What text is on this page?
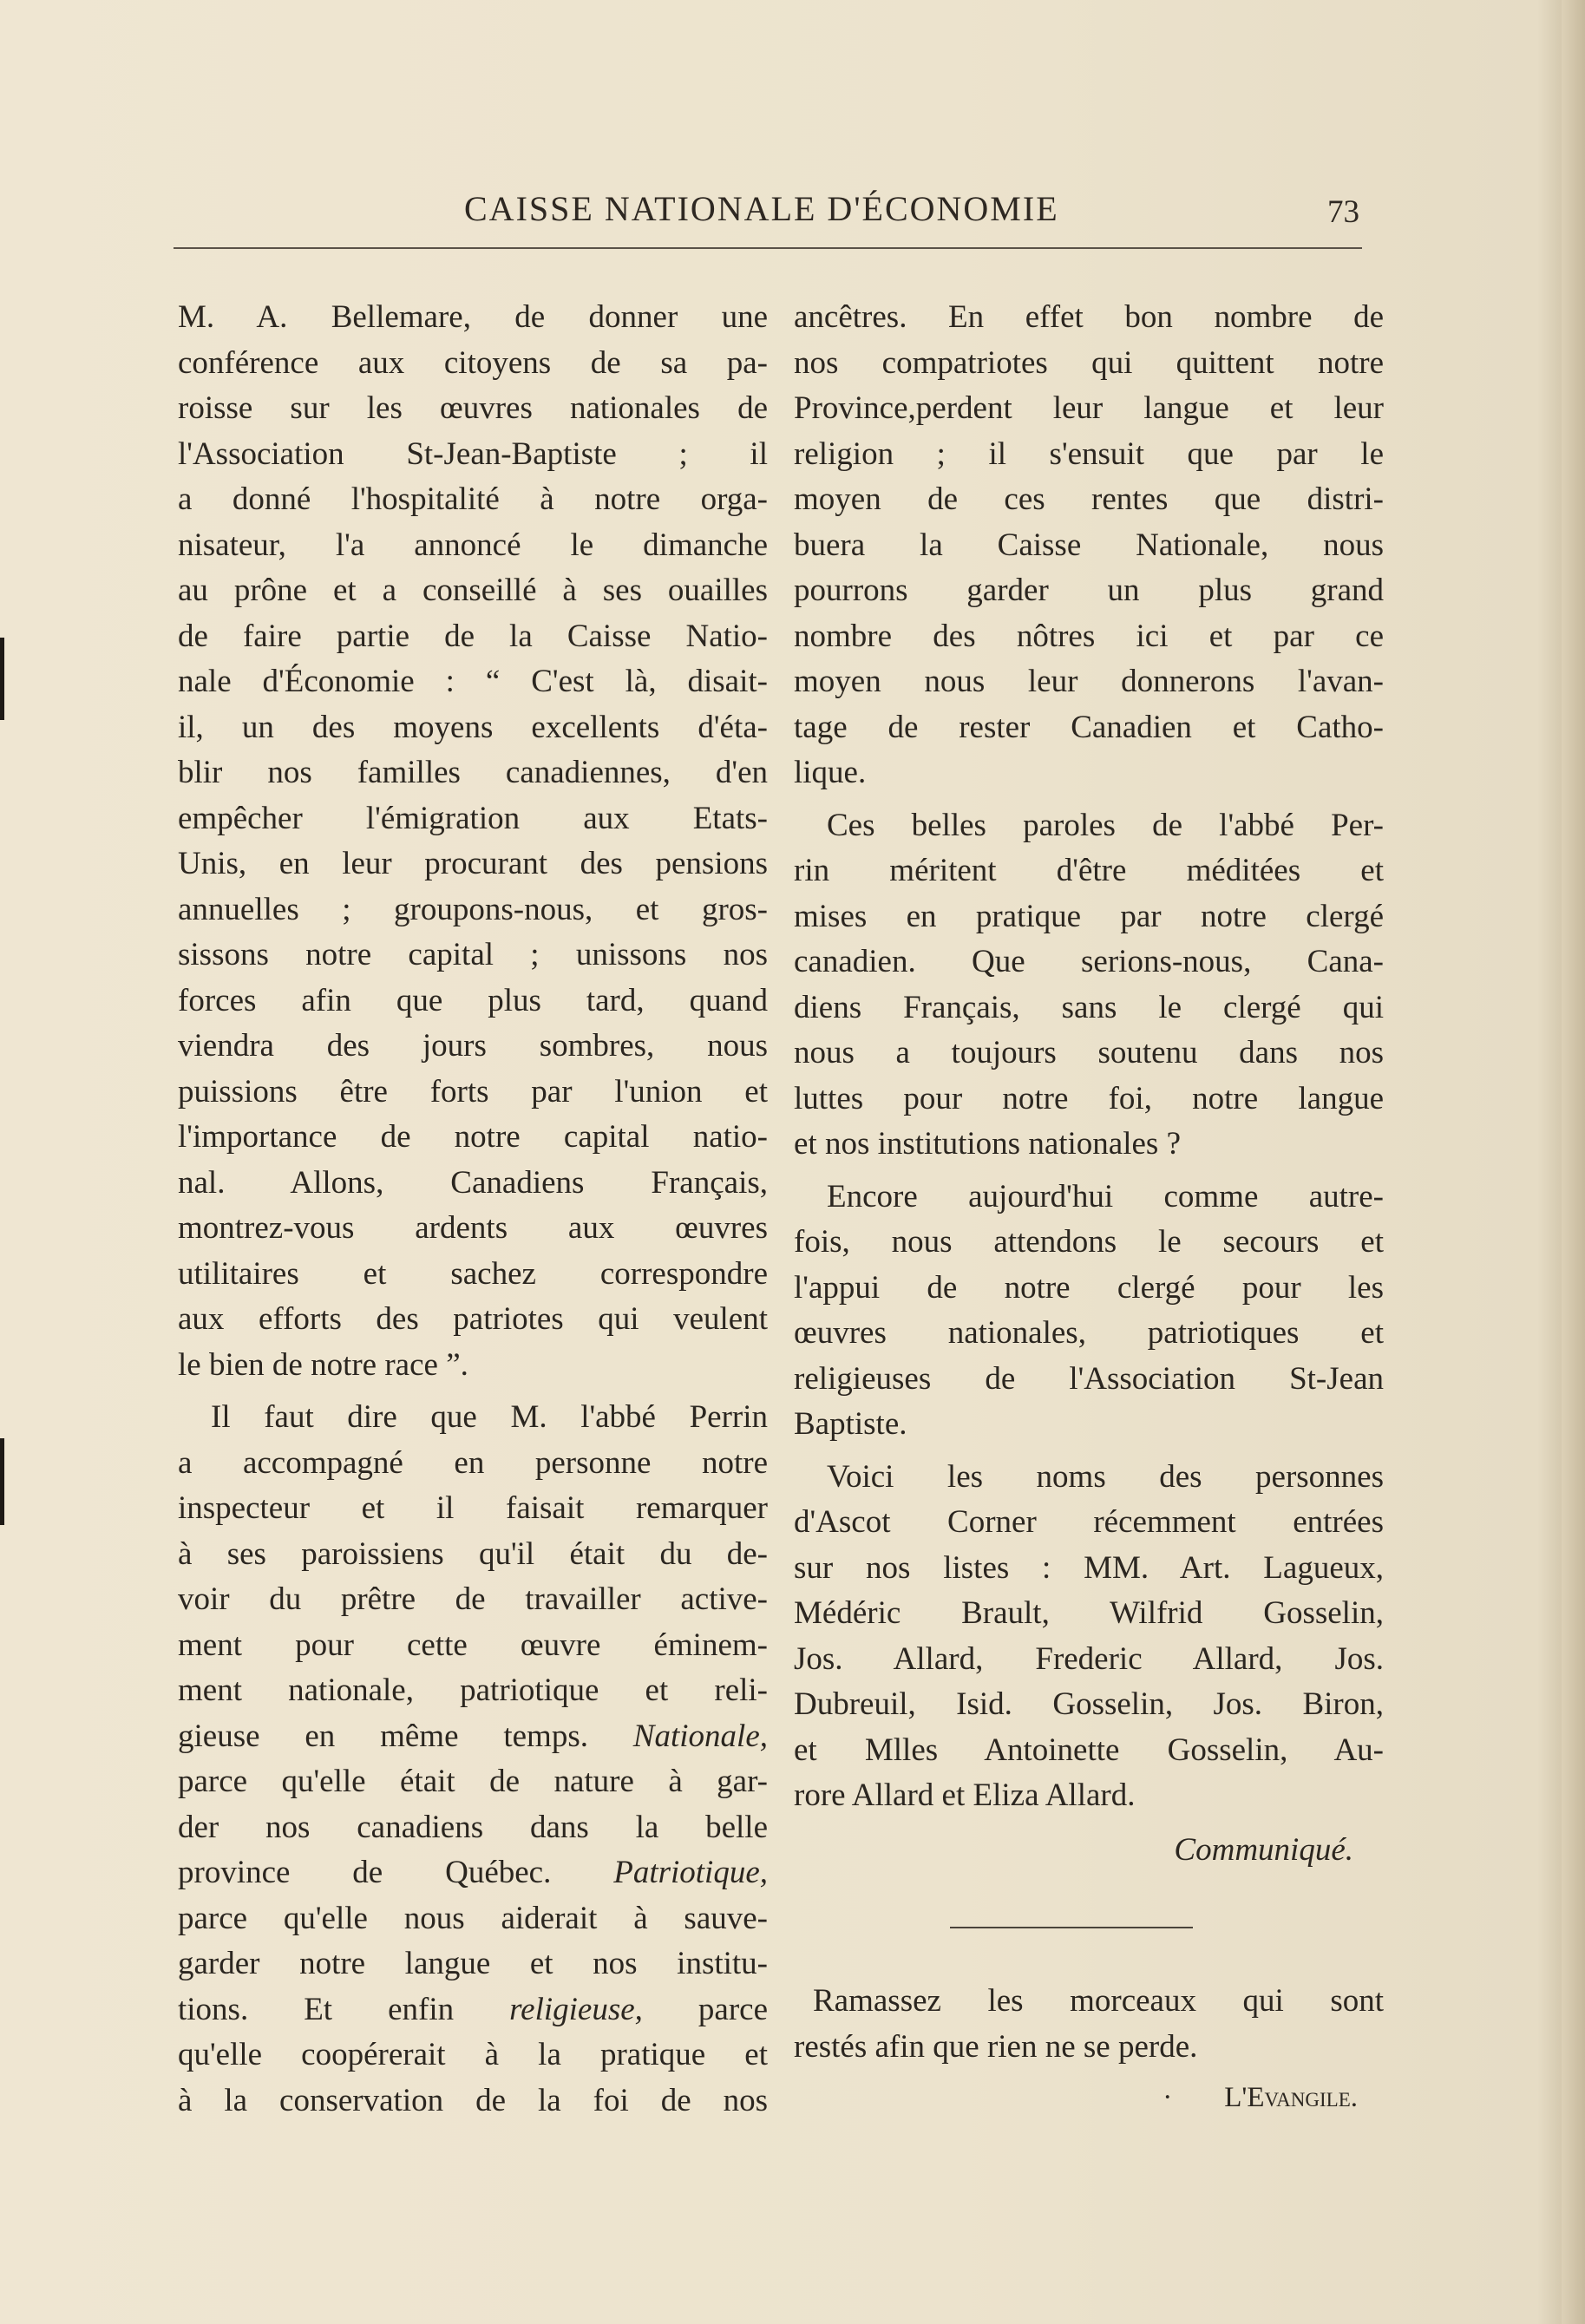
CAISSE NATIONALE D'ÉCONOMIE	73

M. A. Bellemare, de donner une
conférence aux citoyens de sa pa-
roisse sur les œuvres nationales de
l'Association St-Jean-Baptiste ; il
a donné l'hospitalité à notre orga-
nisateur, l'a annoncé le dimanche
au prône et a conseillé à ses ouailles
de faire partie de la Caisse Natio-
nale d'Économie : “ C'est là, disait-
il, un des moyens excellents d'éta-
blir nos familles canadiennes, d'en
empêcher l'émigration aux Etats-
Unis, en leur procurant des pensions
annuelles ; groupons-nous, et gros-
sissons notre capital ; unissons nos
forces afin que plus tard, quand
viendra des jours sombres, nous
puissions être forts par l'union et
l'importance de notre capital natio-
nal. Allons, Canadiens Français,
montrez-vous ardents aux œuvres
utilitaires et sachez correspondre
aux efforts des patriotes qui veulent
le bien de notre race ”.

Il faut dire que M. l'abbé Perrin
a accompagné en personne notre
inspecteur et il faisait remarquer
à ses paroissiens qu'il était du de-
voir du prêtre de travailler active-
ment pour cette œuvre éminem-
ment nationale, patriotique et reli-
gieuse en même temps. Nationale,
parce qu'elle était de nature à gar-
der nos canadiens dans la belle
province de Québec. Patriotique,
parce qu'elle nous aiderait à sauve-
garder notre langue et nos institu-
tions. Et enfin religieuse, parce
qu'elle coopérerait à la pratique et
à la conservation de la foi de nos

ancêtres. En effet bon nombre de
nos compatriotes qui quittent notre
Province,perdent leur langue et leur
religion ; il s'ensuit que par le
moyen de ces rentes que distri-
buera la Caisse Nationale, nous
pourrons garder un plus grand
nombre des nôtres ici et par ce
moyen nous leur donnerons l'avan-
tage de rester Canadien et Catho-
lique.

Ces belles paroles de l'abbé Per-
rin méritent d'être méditées et
mises en pratique par notre clergé
canadien. Que serions-nous, Cana-
diens Français, sans le clergé qui
nous a toujours soutenu dans nos
luttes pour notre foi, notre langue
et nos institutions nationales ?

Encore aujourd'hui comme autre-
fois, nous attendons le secours et
l'appui de notre clergé pour les
œuvres nationales, patriotiques et
religieuses de l'Association St-Jean
Baptiste.

Voici les noms des personnes
d'Ascot Corner récemment entrées
sur nos listes : MM. Art. Lagueux,
Médéric Brault, Wilfrid Gosselin,
Jos. Allard, Frederic Allard, Jos.
Dubreuil, Isid. Gosselin, Jos. Biron,
et Mlles Antoinette Gosselin, Au-
rore Allard et Eliza Allard.

Communiqué.

Ramassez les morceaux qui sont
restés afin que rien ne se perde.

· L'Evangile.
